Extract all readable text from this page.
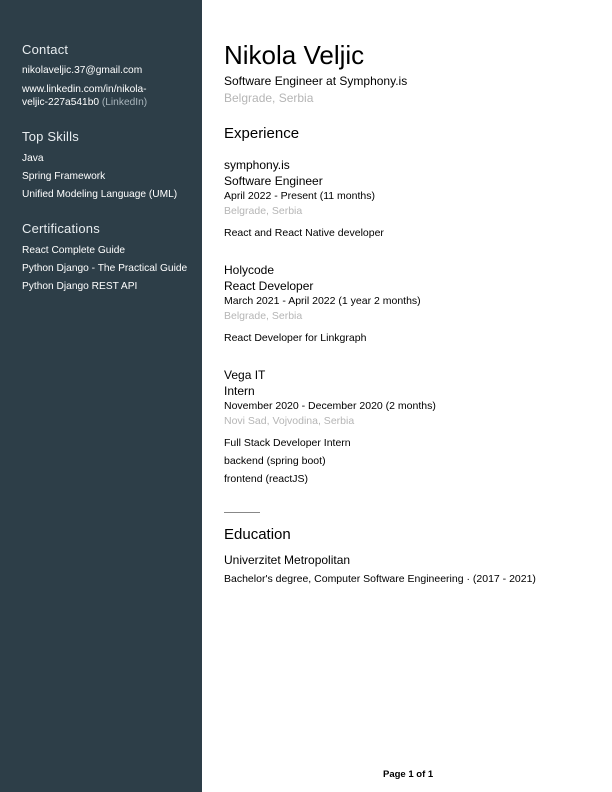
Contact
nikolaveljic.37@gmail.com
www.linkedin.com/in/nikola-
veljic-227a541b0 (LinkedIn)
Top Skills
Java
Spring Framework
Unified Modeling Language (UML)
Certifications
React Complete Guide
Python Django - The Practical Guide
Python Django REST API
Nikola Veljic
Software Engineer at Symphony.is
Belgrade, Serbia
Experience
symphony.is
Software Engineer
April 2022 - Present (11 months)
Belgrade, Serbia
React and React Native developer
Holycode
React Developer
March 2021 - April 2022 (1 year 2 months)
Belgrade, Serbia
React Developer for Linkgraph
Vega IT
Intern
November 2020 - December 2020 (2 months)
Novi Sad, Vojvodina, Serbia
Full Stack Developer Intern
backend (spring boot)
frontend (reactJS)
Education
Univerzitet Metropolitan
Bachelor's degree, Computer Software Engineering · (2017 - 2021)
Page 1 of 1
